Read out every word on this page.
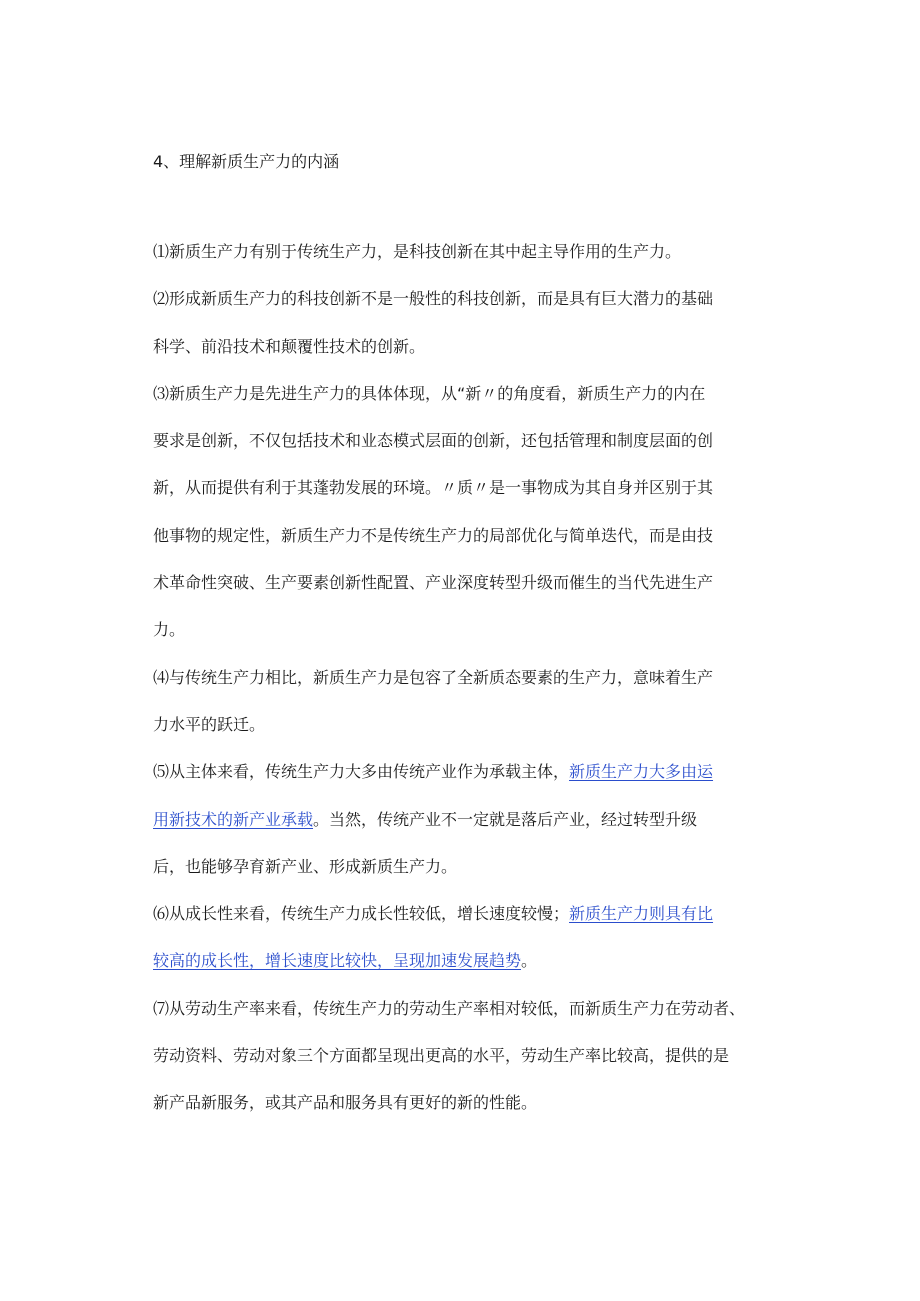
4、理解新质生产力的内涵

⑴新质生产力有别于传统生产力，是科技创新在其中起主导作用的生产力。

⑵形成新质生产力的科技创新不是一般性的科技创新，而是具有巨大潜力的基础
科学、前沿技术和颠覆性技术的创新。

⑶新质生产力是先进生产力的具体体现，从“新〃的角度看，新质生产力的内在
要求是创新，不仅包括技术和业态模式层面的创新，还包括管理和制度层面的创
新，从而提供有利于其蓬勃发展的环境。〃质〃是一事物成为其自身并区别于其
他事物的规定性，新质生产力不是传统生产力的局部优化与简单迭代，而是由技
术革命性突破、生产要素创新性配置、产业深度转型升级而催生的当代先进生产
力。

⑷与传统生产力相比，新质生产力是包容了全新质态要素的生产力，意味着生产
力水平的跃迁。

⑸从主体来看，传统生产力大多由传统产业作为承载主体，新质生产力大多由运
用新技术的新产业承载。当然，传统产业不一定就是落后产业，经过转型升级
后，也能够孕育新产业、形成新质生产力。

⑹从成长性来看，传统生产力成长性较低，增长速度较慢；新质生产力则具有比
较高的成长性，增长速度比较快，呈现加速发展趋势。

⑺从劳动生产率来看，传统生产力的劳动生产率相对较低，而新质生产力在劳动者、
劳动资料、劳动对象三个方面都呈现出更高的水平，劳动生产率比较高，提供的是
新产品新服务，或其产品和服务具有更好的新的性能。
